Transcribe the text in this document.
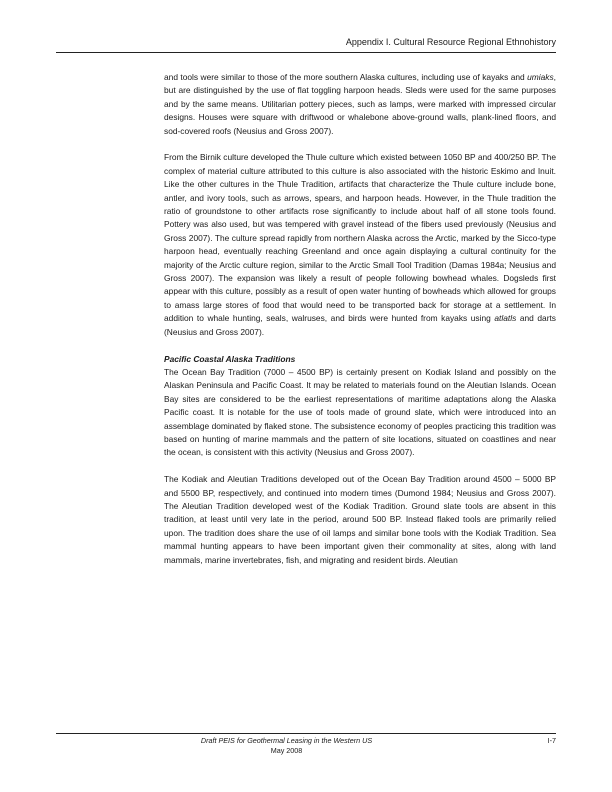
Appendix I. Cultural Resource Regional Ethnohistory

and tools were similar to those of the more southern Alaska cultures, including use of kayaks and umiaks, but are distinguished by the use of flat toggling harpoon heads. Sleds were used for the same purposes and by the same means. Utilitarian pottery pieces, such as lamps, were marked with impressed circular designs. Houses were square with driftwood or whalebone above-ground walls, plank-lined floors, and sod-covered roofs (Neusius and Gross 2007).

From the Birnik culture developed the Thule culture which existed between 1050 BP and 400/250 BP. The complex of material culture attributed to this culture is also associated with the historic Eskimo and Inuit. Like the other cultures in the Thule Tradition, artifacts that characterize the Thule culture include bone, antler, and ivory tools, such as arrows, spears, and harpoon heads. However, in the Thule tradition the ratio of groundstone to other artifacts rose significantly to include about half of all stone tools found. Pottery was also used, but was tempered with gravel instead of the fibers used previously (Neusius and Gross 2007). The culture spread rapidly from northern Alaska across the Arctic, marked by the Sicco-type harpoon head, eventually reaching Greenland and once again displaying a cultural continuity for the majority of the Arctic culture region, similar to the Arctic Small Tool Tradition (Damas 1984a; Neusius and Gross 2007). The expansion was likely a result of people following bowhead whales. Dogsleds first appear with this culture, possibly as a result of open water hunting of bowheads which allowed for groups to amass large stores of food that would need to be transported back for storage at a settlement. In addition to whale hunting, seals, walruses, and birds were hunted from kayaks using atlatls and darts (Neusius and Gross 2007).

Pacific Coastal Alaska Traditions

The Ocean Bay Tradition (7000 – 4500 BP) is certainly present on Kodiak Island and possibly on the Alaskan Peninsula and Pacific Coast. It may be related to materials found on the Aleutian Islands. Ocean Bay sites are considered to be the earliest representations of maritime adaptations along the Alaska Pacific coast. It is notable for the use of tools made of ground slate, which were introduced into an assemblage dominated by flaked stone. The subsistence economy of peoples practicing this tradition was based on hunting of marine mammals and the pattern of site locations, situated on coastlines and near the ocean, is consistent with this activity (Neusius and Gross 2007).

The Kodiak and Aleutian Traditions developed out of the Ocean Bay Tradition around 4500 – 5000 BP and 5500 BP, respectively, and continued into modern times (Dumond 1984; Neusius and Gross 2007). The Aleutian Tradition developed west of the Kodiak Tradition. Ground slate tools are absent in this tradition, at least until very late in the period, around 500 BP. Instead flaked tools are primarily relied upon. The tradition does share the use of oil lamps and similar bone tools with the Kodiak Tradition. Sea mammal hunting appears to have been important given their commonality at sites, along with land mammals, marine invertebrates, fish, and migrating and resident birds. Aleutian

Draft PEIS for Geothermal Leasing in the Western US
May 2008
I-7
